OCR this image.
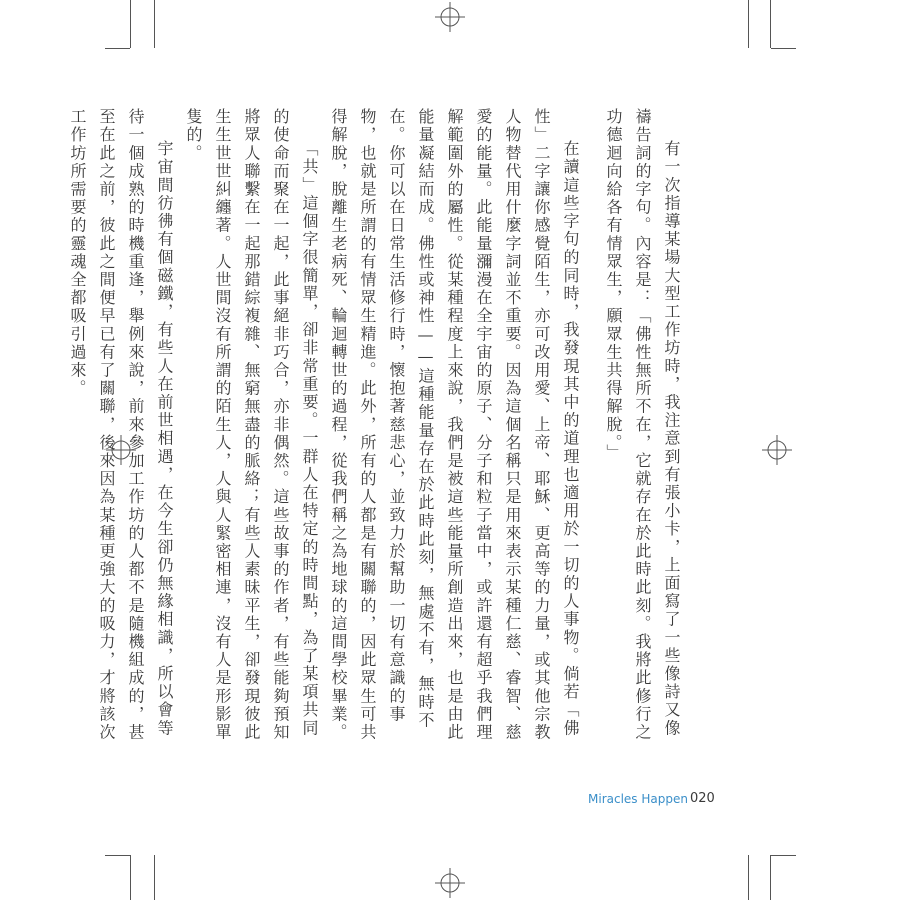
有一次指導某場大型工作坊時，我注意到有張小卡，上面寫了一些像詩又像禱告詞的字句。內容是：「佛性無所不在，它就存在於此時此刻。我將此修行之功德迴向給各有情眾生，願眾生共得解脫。」

在讀這些字句的同時，我發現其中的道理也適用於一切的人事物。倘若「佛性」二字讓你感覺陌生，亦可改用愛、上帝、耶穌、更高等的力量，或其他宗教人物替代用什麼字詞並不重要。因為這個名稱只是用來表示某種仁慈、睿智、慈愛的能量。此能量瀰漫在全宇宙的原子、分子和粒子當中，或許還有超乎我們理解範圍外的屬性。從某種程度上來說，我們是被這些能量所創造出來，也是由此能量凝結而成。佛性或神性——這種能量存在於此時此刻，無處不有，無時不在。你可以在日常生活修行時，懷抱著慈悲心，並致力於幫助一切有意識的事物，也就是所謂的有情眾生精進。此外，所有的人都是有關聯的，因此眾生可共得解脫，脫離生老病死、輪迴轉世的過程，從我們稱之為地球的這間學校畢業。

「共」這個字很簡單，卻非常重要。一群人在特定的時間點，為了某項共同的使命而聚在一起，此事絕非巧合，亦非偶然。這些故事的作者，有些能夠預知將眾人聯繫在一起那錯綜複雜、無窮無盡的脈絡；有些人素昧平生，卻發現彼此生生世世糾纏著。人世間沒有所謂的陌生人，人與人緊密相連，沒有人是形影單隻的。

宇宙間彷彿有個磁鐵，有些人在前世相遇，在今生卻仍無緣相識，所以會等待一個成熟的時機重逢，舉例來說，前來參加工作坊的人都不是隨機組成的，甚至在此之前，彼此之間便早已有了關聯，後來因為某種更強大的吸力，才將該次工作坊所需要的靈魂全都吸引過來。

Miracles Happen 020
